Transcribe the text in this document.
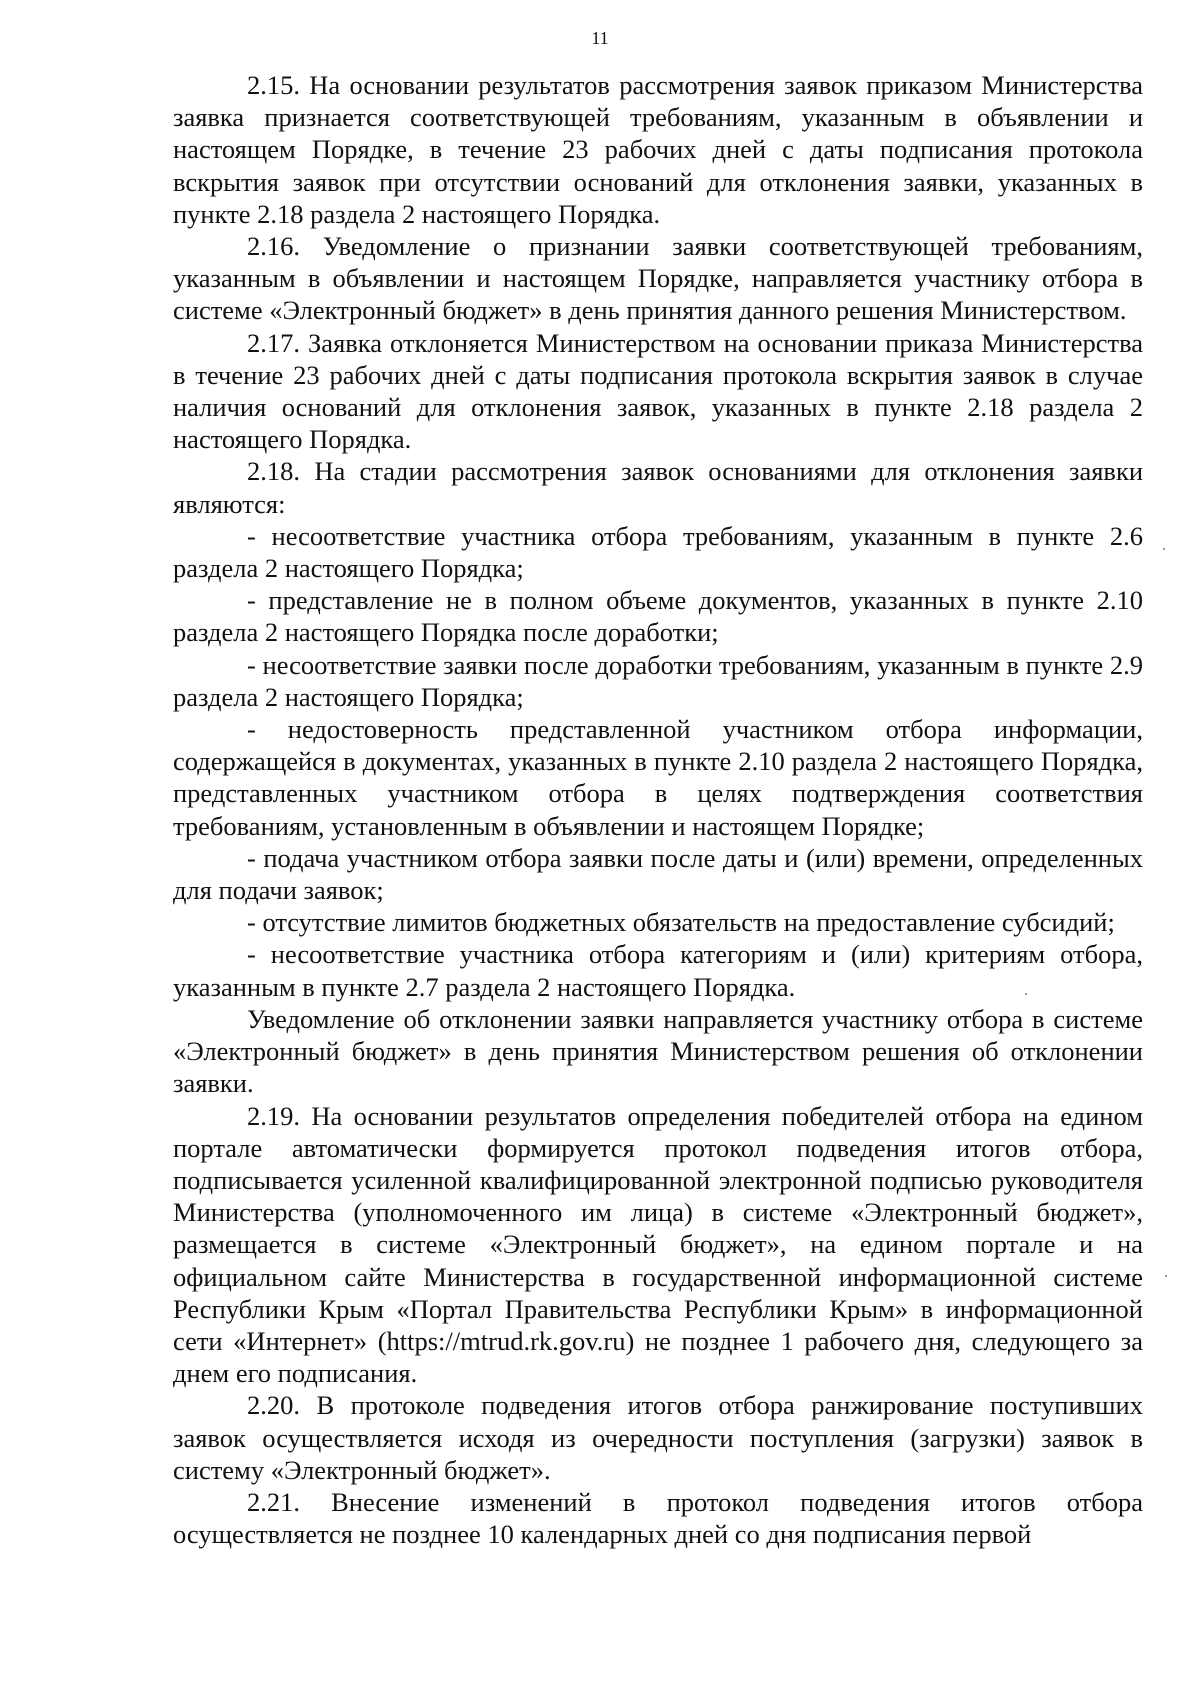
11

2.15. На основании результатов рассмотрения заявок приказом Министерства заявка признается соответствующей требованиям, указанным в объявлении и настоящем Порядке, в течение 23 рабочих дней с даты подписания протокола вскрытия заявок при отсутствии оснований для отклонения заявки, указанных в пункте 2.18 раздела 2 настоящего Порядка.

2.16. Уведомление о признании заявки соответствующей требованиям, указанным в объявлении и настоящем Порядке, направляется участнику отбора в системе «Электронный бюджет» в день принятия данного решения Министерством.

2.17. Заявка отклоняется Министерством на основании приказа Министерства в течение 23 рабочих дней с даты подписания протокола вскрытия заявок в случае наличия оснований для отклонения заявок, указанных в пункте 2.18 раздела 2 настоящего Порядка.

2.18. На стадии рассмотрения заявок основаниями для отклонения заявки являются:

- несоответствие участника отбора требованиям, указанным в пункте 2.6 раздела 2 настоящего Порядка;

- представление не в полном объеме документов, указанных в пункте 2.10 раздела 2 настоящего Порядка после доработки;

- несоответствие заявки после доработки требованиям, указанным в пункте 2.9 раздела 2 настоящего Порядка;

- недостоверность представленной участником отбора информации, содержащейся в документах, указанных в пункте 2.10 раздела 2 настоящего Порядка, представленных участником отбора в целях подтверждения соответствия требованиям, установленным в объявлении и настоящем Порядке;

- подача участником отбора заявки после даты и (или) времени, определенных для подачи заявок;

- отсутствие лимитов бюджетных обязательств на предоставление субсидий;

- несоответствие участника отбора категориям и (или) критериям отбора, указанным в пункте 2.7 раздела 2 настоящего Порядка.

Уведомление об отклонении заявки направляется участнику отбора в системе «Электронный бюджет» в день принятия Министерством решения об отклонении заявки.

2.19. На основании результатов определения победителей отбора на едином портале автоматически формируется протокол подведения итогов отбора, подписывается усиленной квалифицированной электронной подписью руководителя Министерства (уполномоченного им лица) в системе «Электронный бюджет», размещается в системе «Электронный бюджет», на едином портале и на официальном сайте Министерства в государственной информационной системе Республики Крым «Портал Правительства Республики Крым» в информационной сети «Интернет» (https://mtrud.rk.gov.ru) не позднее 1 рабочего дня, следующего за днем его подписания.

2.20. В протоколе подведения итогов отбора ранжирование поступивших заявок осуществляется исходя из очередности поступления (загрузки) заявок в систему «Электронный бюджет».

2.21. Внесение изменений в протокол подведения итогов отбора осуществляется не позднее 10 календарных дней со дня подписания первой
